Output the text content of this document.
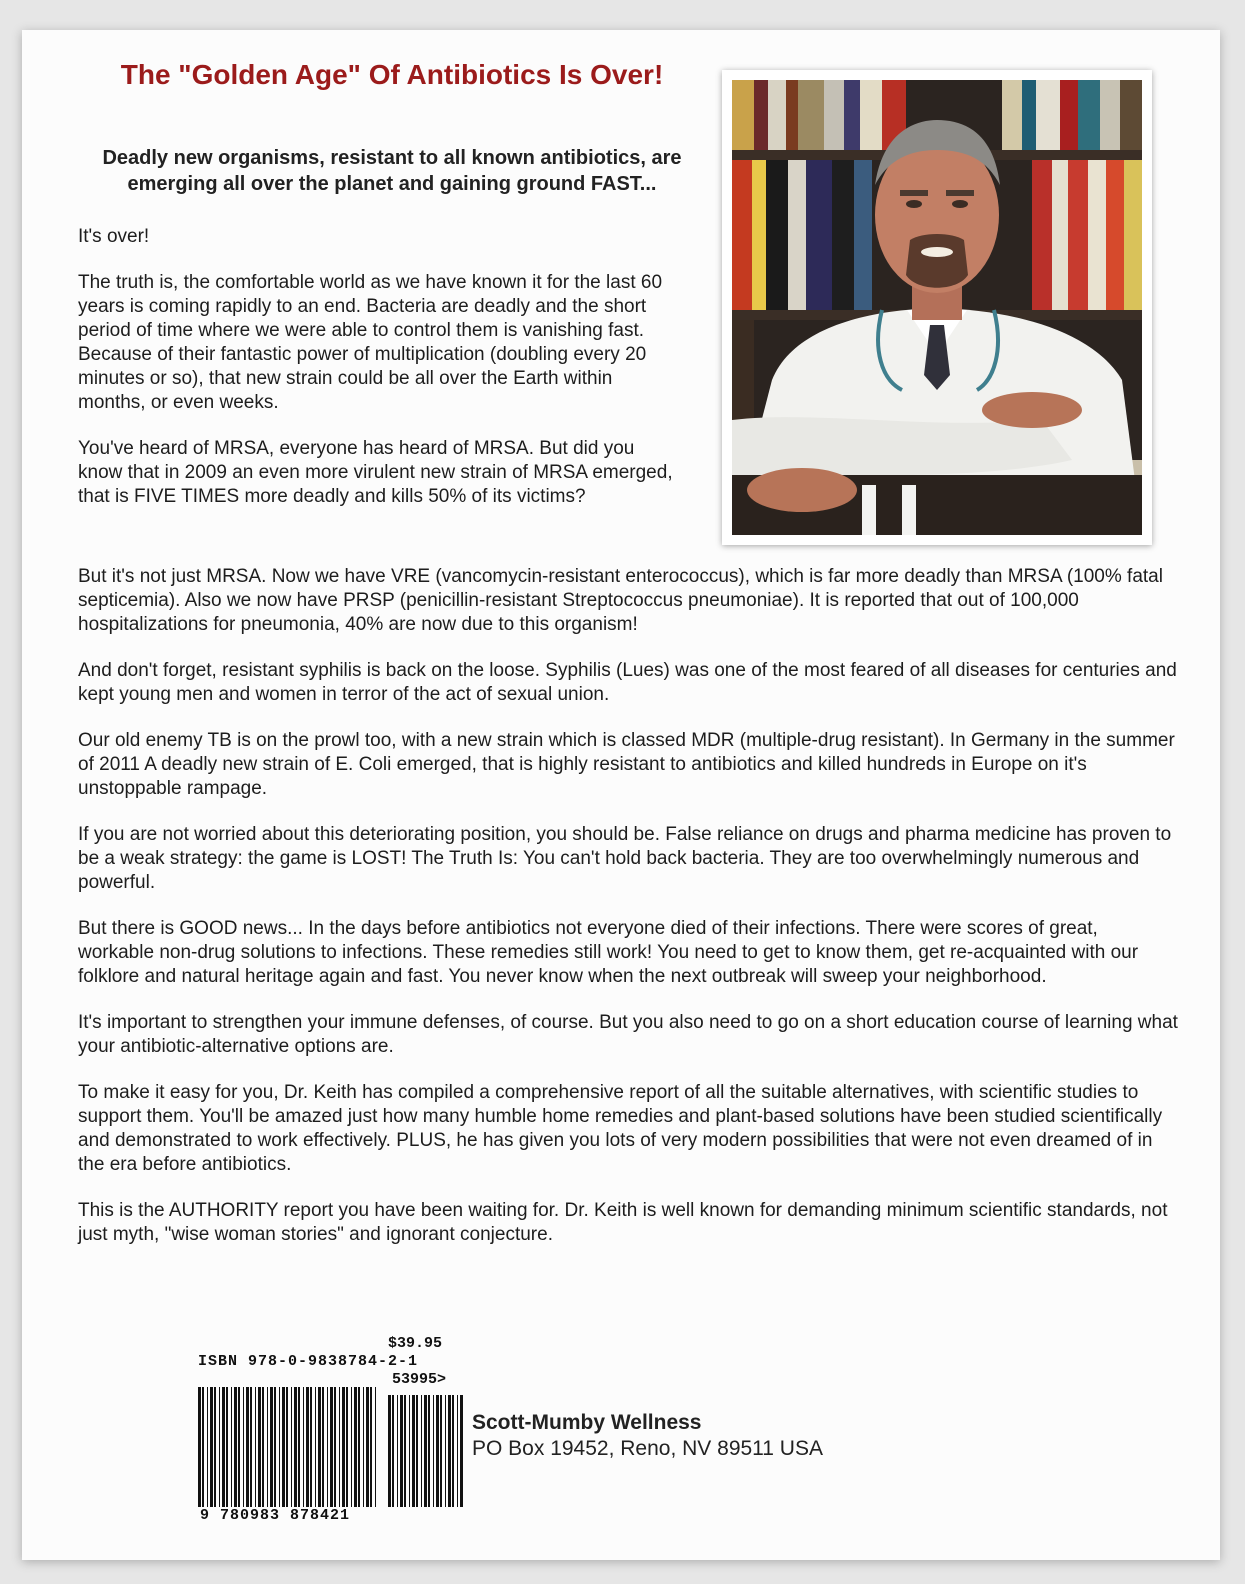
The "Golden Age" Of Antibiotics Is Over!
Deadly new organisms, resistant to all known antibiotics, are emerging all over the planet and gaining ground FAST...

It's over!

The truth is, the comfortable world as we have known it for the last 60 years is coming rapidly to an end. Bacteria are deadly and the short period of time where we were able to control them is vanishing fast. Because of their fantastic power of multiplication (doubling every 20 minutes or so), that new strain could be all over the Earth within months, or even weeks.

You've heard of MRSA, everyone has heard of MRSA. But did you know that in 2009 an even more virulent new strain of MRSA emerged, that is FIVE TIMES more deadly and kills 50% of its victims?

But it's not just MRSA. Now we have VRE (vancomycin-resistant enterococcus), which is far more deadly than MRSA (100% fatal septicemia). Also we now have PRSP (penicillin-resistant Streptococcus pneumoniae). It is reported that out of 100,000 hospitalizations for pneumonia, 40% are now due to this organism!

And don't forget, resistant syphilis is back on the loose. Syphilis (Lues) was one of the most feared of all diseases for centuries and kept young men and women in terror of the act of sexual union.

Our old enemy TB is on the prowl too, with a new strain which is classed MDR (multiple-drug resistant). In Germany in the summer of 2011 A deadly new strain of E. Coli emerged, that is highly resistant to antibiotics and killed hundreds in Europe on it's unstoppable rampage.

If you are not worried about this deteriorating position, you should be. False reliance on drugs and pharma medicine has proven to be a weak strategy: the game is LOST! The Truth Is: You can't hold back bacteria. They are too overwhelmingly numerous and powerful.

But there is GOOD news... In the days before antibiotics not everyone died of their infections. There were scores of great, workable non-drug solutions to infections. These remedies still work! You need to get to know them, get re-acquainted with our folklore and natural heritage again and fast. You never know when the next outbreak will sweep your neighborhood.

It's important to strengthen your immune defenses, of course. But you also need to go on a short education course of learning what your antibiotic-alternative options are.

To make it easy for you, Dr. Keith has compiled a comprehensive report of all the suitable alternatives, with scientific studies to support them. You'll be amazed just how many humble home remedies and plant-based solutions have been studied scientifically and demonstrated to work effectively. PLUS, he has given you lots of very modern possibilities that were not even dreamed of in the era before antibiotics.

This is the AUTHORITY report you have been waiting for. Dr. Keith is well known for demanding minimum scientific standards, not just myth, "wise woman stories" and ignorant conjecture.

$39.95
ISBN 978-0-9838784-2-1
53995>
9 780983 878421
Scott-Mumby Wellness
PO Box 19452, Reno, NV 89511 USA
